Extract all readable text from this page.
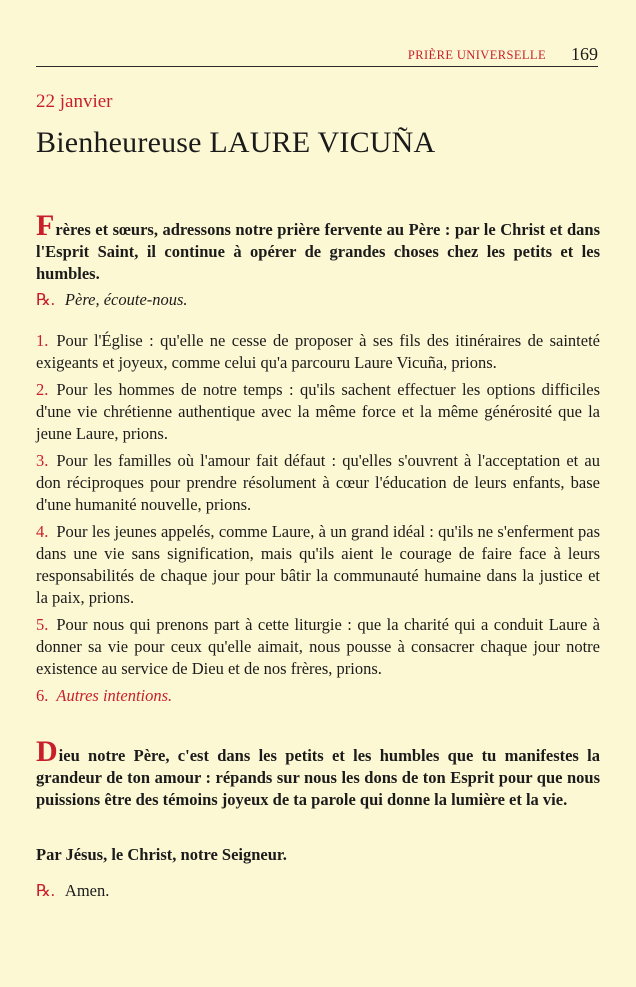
PRIÈRE UNIVERSELLE 169
22 janvier
Bienheureuse LAURE VICUÑA
Frères et sœurs, adressons notre prière fervente au Père : par le Christ et dans l'Esprit Saint, il continue à opérer de grandes choses chez les petits et les humbles.
℞. Père, écoute-nous.
1. Pour l'Église : qu'elle ne cesse de proposer à ses fils des itinéraires de sainteté exigeants et joyeux, comme celui qu'a parcouru Laure Vicuña, prions.
2. Pour les hommes de notre temps : qu'ils sachent effectuer les options difficiles d'une vie chrétienne authentique avec la même force et la même générosité que la jeune Laure, prions.
3. Pour les familles où l'amour fait défaut : qu'elles s'ouvrent à l'acceptation et au don réciproques pour prendre résolument à cœur l'éducation de leurs enfants, base d'une humanité nouvelle, prions.
4. Pour les jeunes appelés, comme Laure, à un grand idéal : qu'ils ne s'enferment pas dans une vie sans signification, mais qu'ils aient le courage de faire face à leurs responsabilités de chaque jour pour bâtir la communauté humaine dans la justice et la paix, prions.
5. Pour nous qui prenons part à cette liturgie : que la charité qui a conduit Laure à donner sa vie pour ceux qu'elle aimait, nous pousse à consacrer chaque jour notre existence au service de Dieu et de nos frères, prions.
6. Autres intentions.
Dieu notre Père, c'est dans les petits et les humbles que tu manifestes la grandeur de ton amour : répands sur nous les dons de ton Esprit pour que nous puissions être des témoins joyeux de ta parole qui donne la lumière et la vie.
Par Jésus, le Christ, notre Seigneur.
℞. Amen.
